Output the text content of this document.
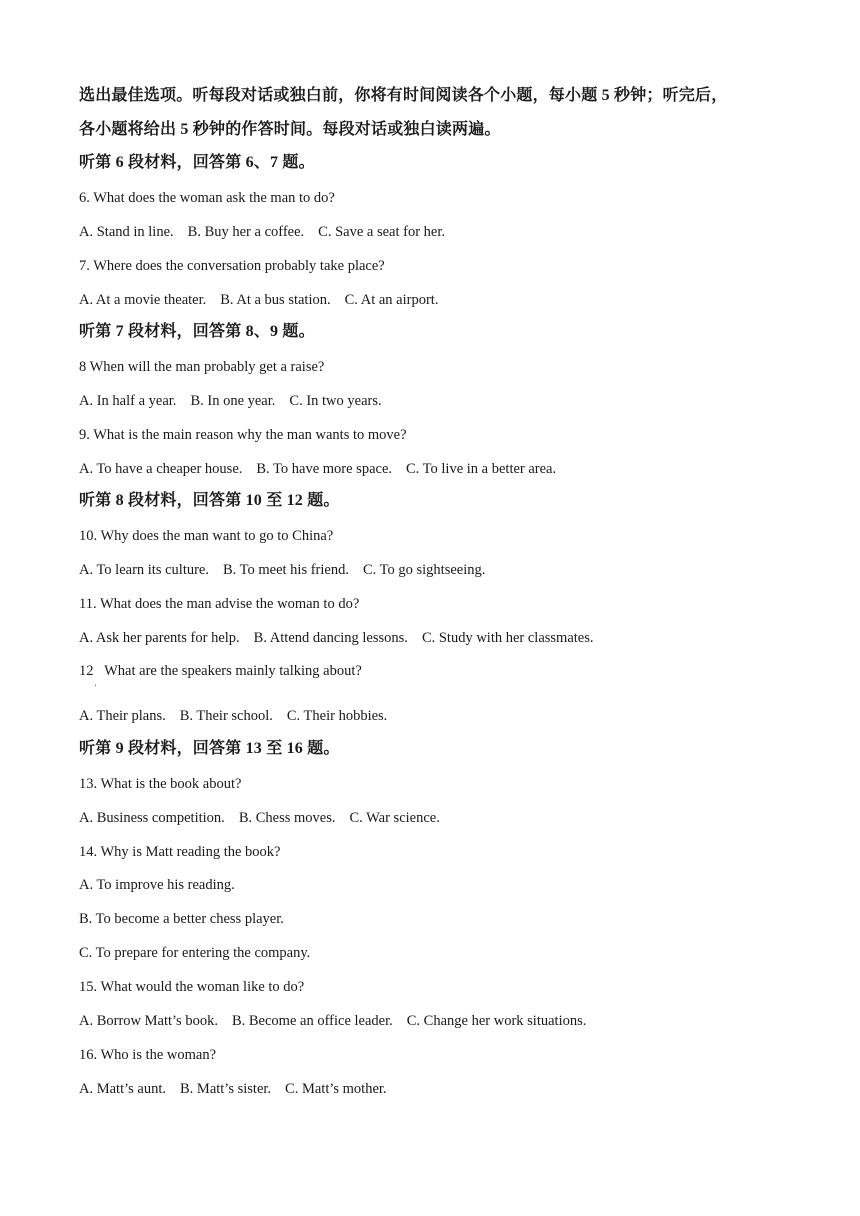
选出最佳选项。听每段对话或独白前，你将有时间阅读各个小题，每小题 5 秒钟；听完后，
各小题将给出 5 秒钟的作答时间。每段对话或独白读两遍。
听第 6 段材料，回答第 6、7 题。
6. What does the woman ask the man to do?
A. Stand in line. B. Buy her a coffee. C. Save a seat for her.
7. Where does the conversation probably take place?
A. At a movie theater. B. At a bus station. C. At an airport.
听第 7 段材料，回答第 8、9 题。
8 When will the man probably get a raise?
A. In half a year. B. In one year. C. In two years.
9. What is the main reason why the man wants to move?
A. To have a cheaper house. B. To have more space. C. To live in a better area.
听第 8 段材料，回答第 10 至 12 题。
10. Why does the man want to go to China?
A. To learn its culture. B. To meet his friend. C. To go sightseeing.
11. What does the man advise the woman to do?
A. Ask her parents for help. B. Attend dancing lessons. C. Study with her classmates.
12   What are the speakers mainly talking about?
'
A. Their plans. B. Their school. C. Their hobbies.
听第 9 段材料，回答第 13 至 16 题。
13. What is the book about?
A. Business competition. B. Chess moves. C. War science.
14. Why is Matt reading the book?
A. To improve his reading.
B. To become a better chess player.
C. To prepare for entering the company.
15. What would the woman like to do?
A. Borrow Matt’s book. B. Become an office leader. C. Change her work situations.
16. Who is the woman?
A. Matt’s aunt. B. Matt’s sister. C. Matt’s mother.
